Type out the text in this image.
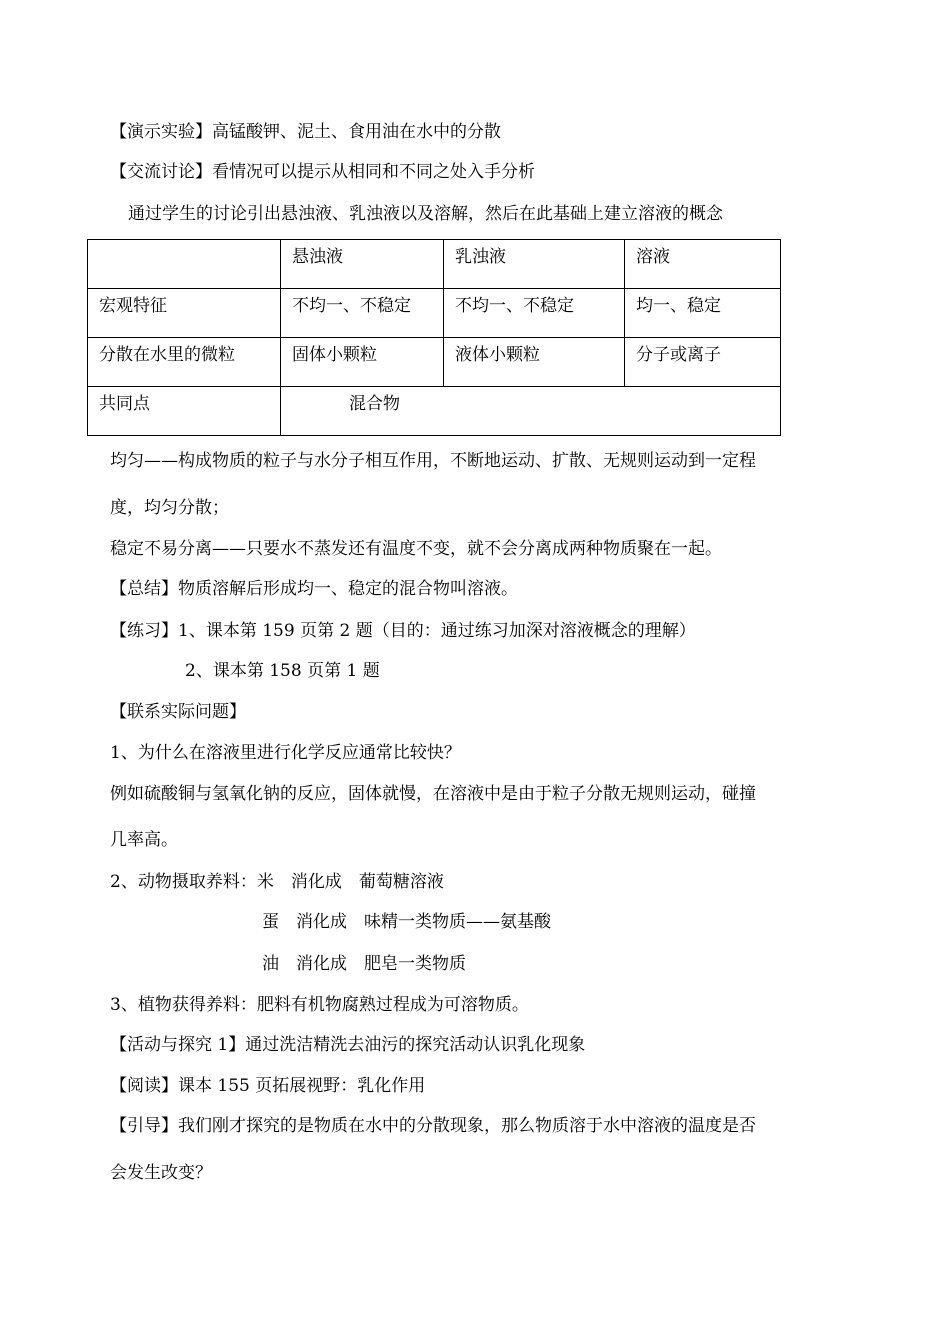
【演示实验】高锰酸钾、泥土、食用油在水中的分散
【交流讨论】看情况可以提示从相同和不同之处入手分析
通过学生的讨论引出悬浊液、乳浊液以及溶解，然后在此基础上建立溶液的概念
	悬浊液	乳浊液	溶液
宏观特征	不均一、不稳定	不均一、不稳定	均一、稳定
分散在水里的微粒	固体小颗粒	液体小颗粒	分子或离子
共同点	混合物		
均匀——构成物质的粒子与水分子相互作用，不断地运动、扩散、无规则运动到一定程
度，均匀分散；
稳定不易分离——只要水不蒸发还有温度不变，就不会分离成两种物质聚在一起。
【总结】物质溶解后形成均一、稳定的混合物叫溶液。
【练习】1、课本第 159 页第 2 题（目的：通过练习加深对溶液概念的理解）
2、课本第 158 页第 1 题
【联系实际问题】
1、为什么在溶液里进行化学反应通常比较快？
例如硫酸铜与氢氧化钠的反应，固体就慢，在溶液中是由于粒子分散无规则运动，碰撞
几率高。
2、动物摄取养料：米　消化成　葡萄糖溶液
蛋　消化成　味精一类物质——氨基酸
油　消化成　肥皂一类物质
3、植物获得养料：肥料有机物腐熟过程成为可溶物质。
【活动与探究 1】通过洗洁精洗去油污的探究活动认识乳化现象
【阅读】课本 155 页拓展视野：乳化作用
【引导】我们刚才探究的是物质在水中的分散现象，那么物质溶于水中溶液的温度是否
会发生改变？
